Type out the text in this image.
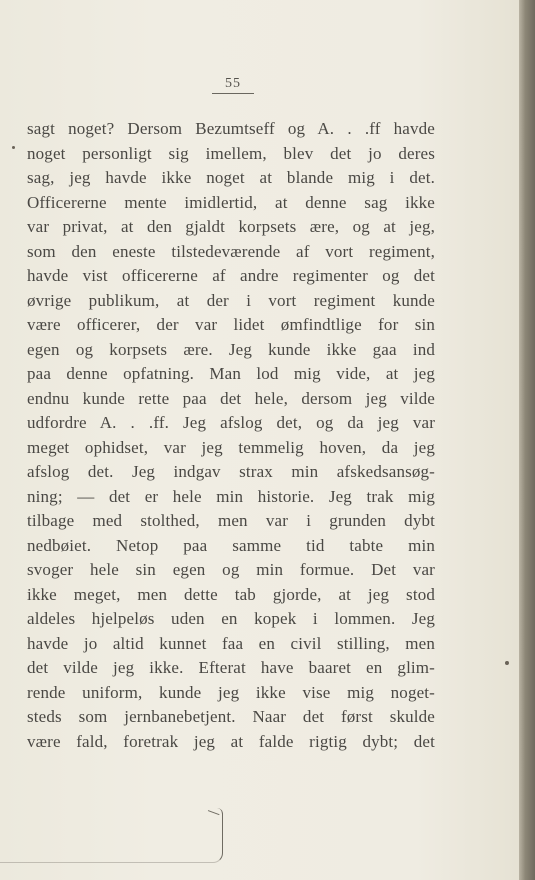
55
sagt noget? Dersom Bezumtseff og A. . .ff havde
noget personligt sig imellem, blev det jo deres
sag, jeg havde ikke noget at blande mig i det.
Officererne mente imidlertid, at denne sag ikke
var privat, at den gjaldt korpsets ære, og at jeg,
som den eneste tilstedeværende af vort regiment,
havde vist officererne af andre regimenter og det
øvrige publikum, at der i vort regiment kunde
være officerer, der var lidet ømfindtlige for sin
egen og korpsets ære. Jeg kunde ikke gaa ind
paa denne opfatning. Man lod mig vide, at jeg
endnu kunde rette paa det hele, dersom jeg vilde
udfordre A. . .ff. Jeg afslog det, og da jeg var
meget ophidset, var jeg temmelig hoven, da jeg
afslog det. Jeg indgav strax min afskedsansøg-
ning; — det er hele min historie. Jeg trak mig
tilbage med stolthed, men var i grunden dybt
nedbøiet. Netop paa samme tid tabte min
svoger hele sin egen og min formue. Det var
ikke meget, men dette tab gjorde, at jeg stod
aldeles hjelpeløs uden en kopek i lommen. Jeg
havde jo altid kunnet faa en civil stilling, men
det vilde jeg ikke. Efterat have baaret en glim-
rende uniform, kunde jeg ikke vise mig noget-
steds som jernbanebetjent. Naar det først skulde
være fald, foretrak jeg at falde rigtig dybt; det
